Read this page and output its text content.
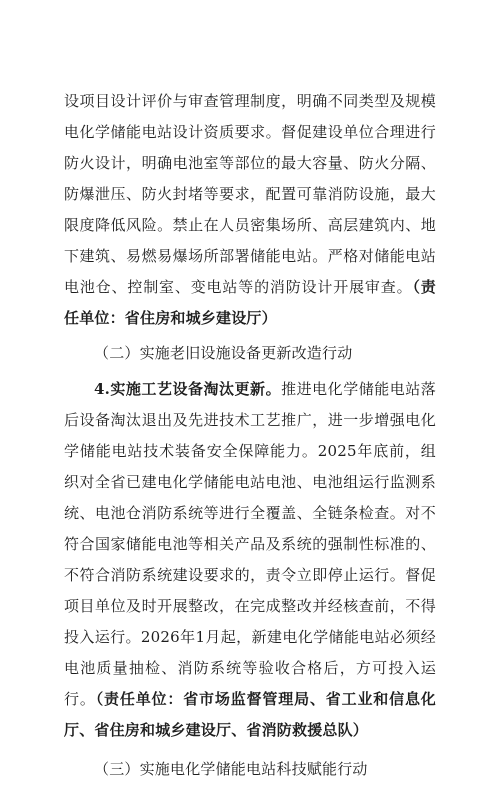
设项目设计评价与审查管理制度，明确不同类型及规模电化学储能电站设计资质要求。督促建设单位合理进行防火设计，明确电池室等部位的最大容量、防火分隔、防爆泄压、防火封堵等要求，配置可靠消防设施，最大限度降低风险。禁止在人员密集场所、高层建筑内、地下建筑、易燃易爆场所部署储能电站。严格对储能电站电池仓、控制室、变电站等的消防设计开展审查。（责任单位：省住房和城乡建设厅）

（二）实施老旧设施设备更新改造行动

4.实施工艺设备淘汰更新。推进电化学储能电站落后设备淘汰退出及先进技术工艺推广，进一步增强电化学储能电站技术装备安全保障能力。2025年底前，组织对全省已建电化学储能电站电池、电池组运行监测系统、电池仓消防系统等进行全覆盖、全链条检查。对不符合国家储能电池等相关产品及系统的强制性标准的、不符合消防系统建设要求的，责令立即停止运行。督促项目单位及时开展整改，在完成整改并经核查前，不得投入运行。2026年1月起，新建电化学储能电站必须经电池质量抽检、消防系统等验收合格后，方可投入运行。（责任单位：省市场监督管理局、省工业和信息化厅、省住房和城乡建设厅、省消防救援总队）

（三）实施电化学储能电站科技赋能行动
